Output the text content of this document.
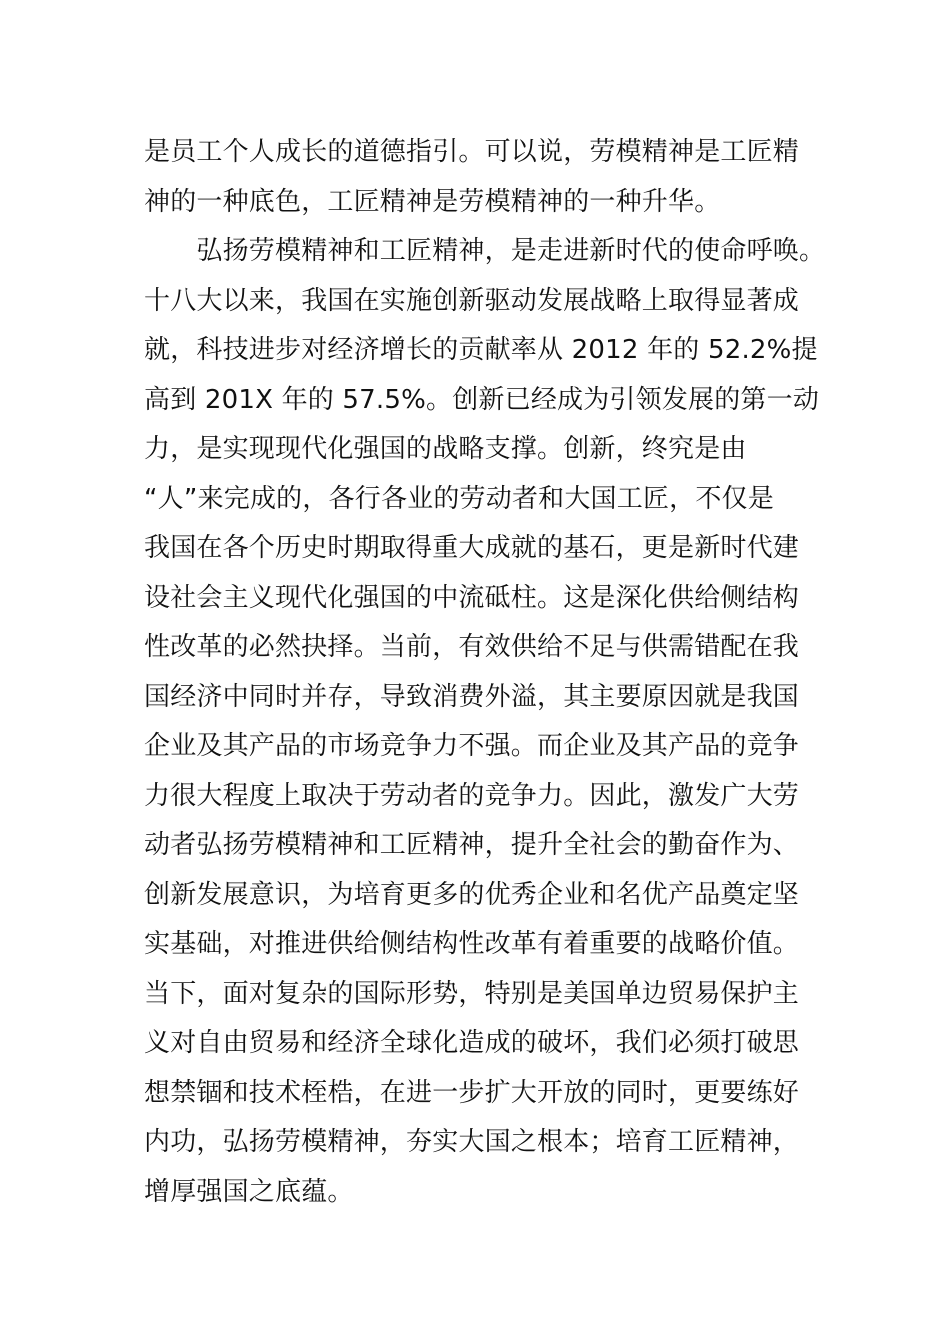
是员工个人成长的道德指引。可以说，劳模精神是工匠精
神的一种底色，工匠精神是劳模精神的一种升华。
　　弘扬劳模精神和工匠精神，是走进新时代的使命呼唤。
十八大以来，我国在实施创新驱动发展战略上取得显著成
就，科技进步对经济增长的贡献率从 2012 年的 52.2%提
高到 201X 年的 57.5%。创新已经成为引领发展的第一动
力，是实现现代化强国的战略支撑。创新，终究是由
“人”来完成的，各行各业的劳动者和大国工匠，不仅是
我国在各个历史时期取得重大成就的基石，更是新时代建
设社会主义现代化强国的中流砥柱。这是深化供给侧结构
性改革的必然抉择。当前，有效供给不足与供需错配在我
国经济中同时并存，导致消费外溢，其主要原因就是我国
企业及其产品的市场竞争力不强。而企业及其产品的竞争
力很大程度上取决于劳动者的竞争力。因此，激发广大劳
动者弘扬劳模精神和工匠精神，提升全社会的勤奋作为、
创新发展意识，为培育更多的优秀企业和名优产品奠定坚
实基础，对推进供给侧结构性改革有着重要的战略价值。
当下，面对复杂的国际形势，特别是美国单边贸易保护主
义对自由贸易和经济全球化造成的破坏，我们必须打破思
想禁锢和技术桎梏，在进一步扩大开放的同时，更要练好
内功，弘扬劳模精神，夯实大国之根本；培育工匠精神，
增厚强国之底蕴。
